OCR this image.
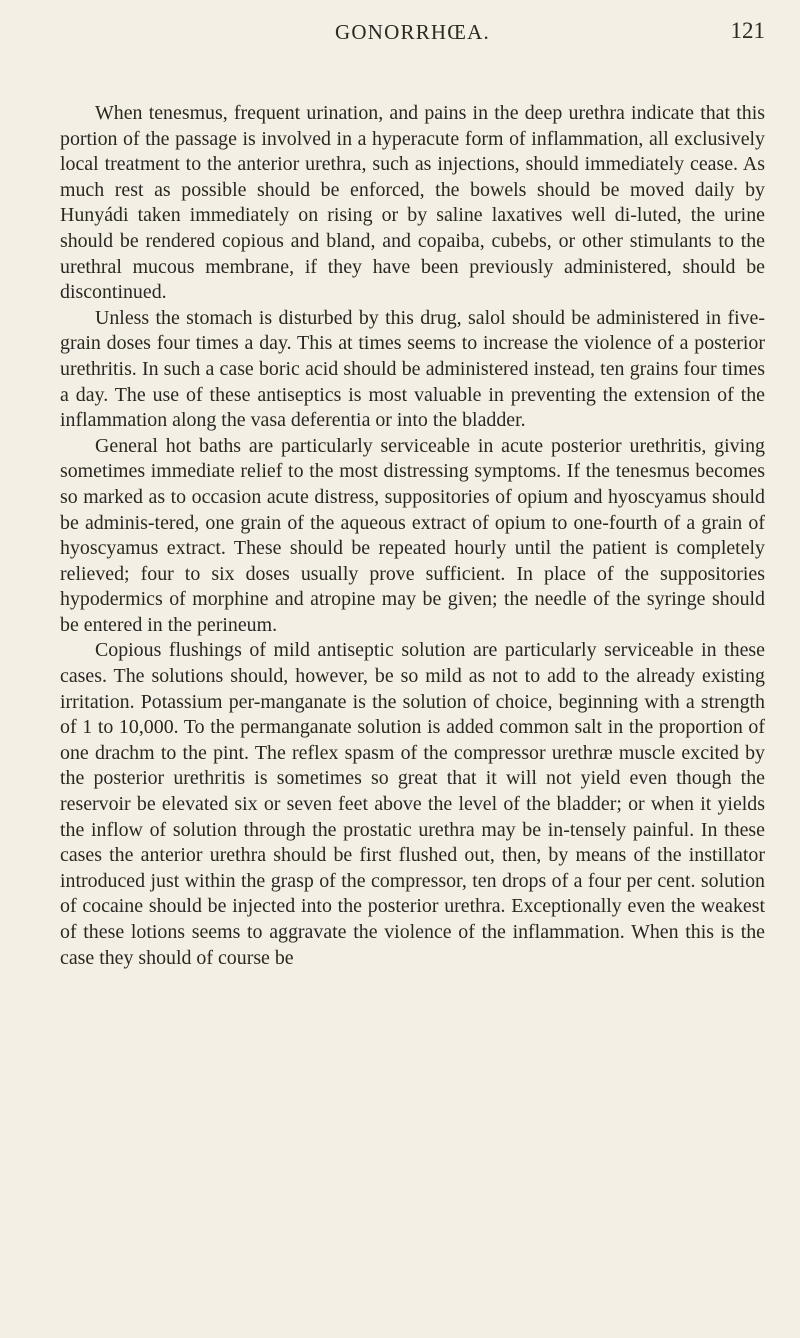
GONORRHŒA.	121

When tenesmus, frequent urination, and pains in the deep urethra indicate that this portion of the passage is involved in a hyperacute form of inflammation, all exclusively local treatment to the anterior urethra, such as injections, should immediately cease. As much rest as possible should be enforced, the bowels should be moved daily by Hunyádi taken immediately on rising or by saline laxatives well di-luted, the urine should be rendered copious and bland, and copaiba, cubebs, or other stimulants to the urethral mucous membrane, if they have been previously administered, should be discontinued.

Unless the stomach is disturbed by this drug, salol should be administered in five-grain doses four times a day. This at times seems to increase the violence of a posterior urethritis. In such a case boric acid should be administered instead, ten grains four times a day. The use of these antiseptics is most valuable in preventing the extension of the inflammation along the vasa deferentia or into the bladder.

General hot baths are particularly serviceable in acute posterior urethritis, giving sometimes immediate relief to the most distressing symptoms. If the tenesmus becomes so marked as to occasion acute distress, suppositories of opium and hyoscyamus should be adminis-tered, one grain of the aqueous extract of opium to one-fourth of a grain of hyoscyamus extract. These should be repeated hourly until the patient is completely relieved; four to six doses usually prove sufficient. In place of the suppositories hypodermics of morphine and atropine may be given; the needle of the syringe should be entered in the perineum.

Copious flushings of mild antiseptic solution are particularly serviceable in these cases. The solutions should, however, be so mild as not to add to the already existing irritation. Potassium per-manganate is the solution of choice, beginning with a strength of 1 to 10,000. To the permanganate solution is added common salt in the proportion of one drachm to the pint. The reflex spasm of the compressor urethræ muscle excited by the posterior urethritis is sometimes so great that it will not yield even though the reservoir be elevated six or seven feet above the level of the bladder; or when it yields the inflow of solution through the prostatic urethra may be in-tensely painful. In these cases the anterior urethra should be first flushed out, then, by means of the instillator introduced just within the grasp of the compressor, ten drops of a four per cent. solution of cocaine should be injected into the posterior urethra. Exceptionally even the weakest of these lotions seems to aggravate the violence of the inflammation. When this is the case they should of course be
